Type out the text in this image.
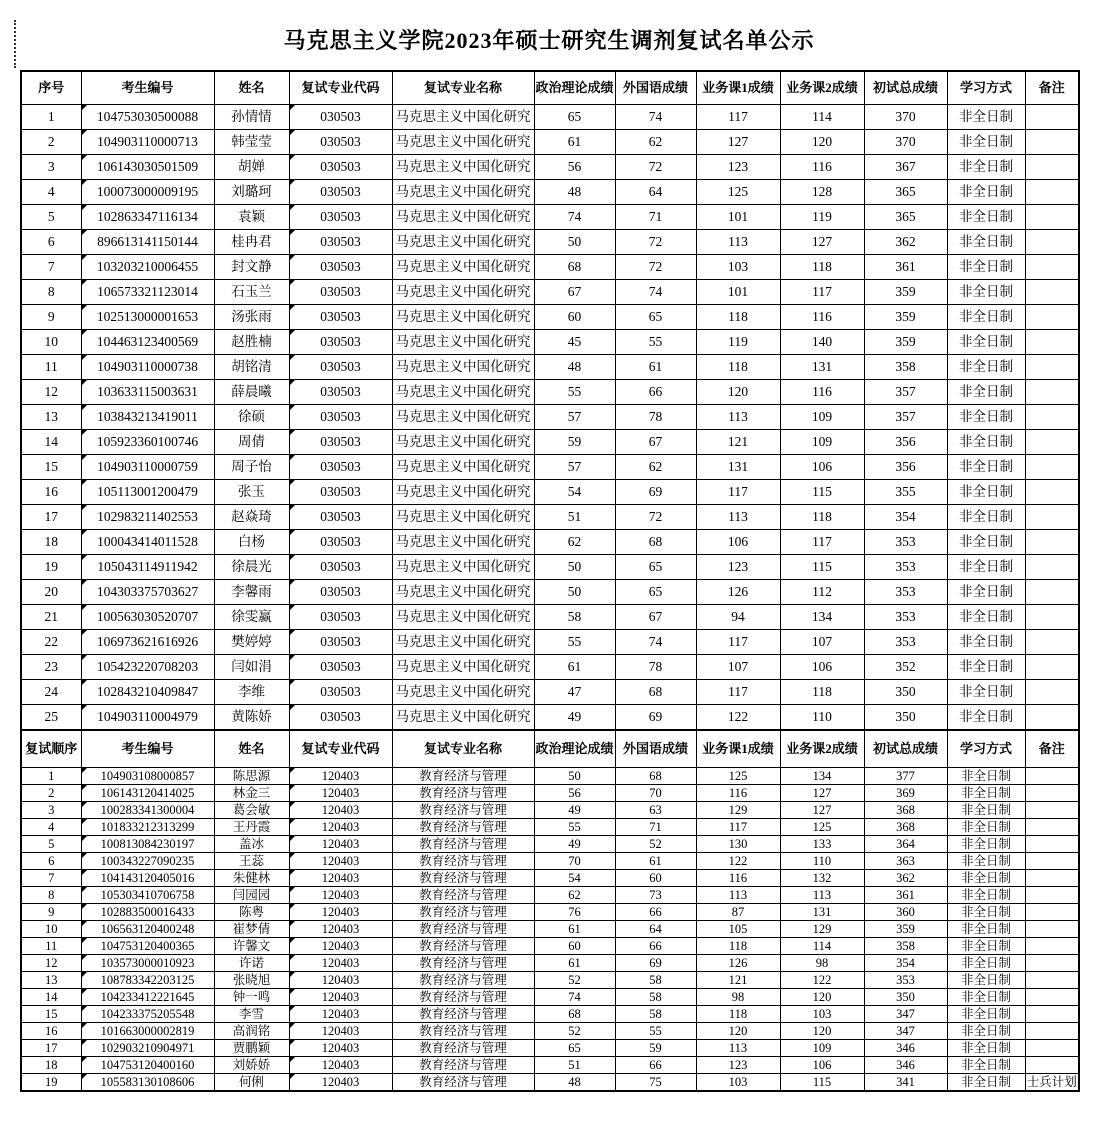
马克思主义学院2023年硕士研究生调剂复试名单公示
序号	考生编号	姓名	复试专业代码	复试专业名称	政治理论成绩	外国语成绩	业务课1成绩	业务课2成绩	初试总成绩	学习方式	备注
1	104753030500088	孙情情	030503	马克思主义中国化研究	65	74	117	114	370	非全日制	
2	104903110000713	韩莹莹	030503	马克思主义中国化研究	61	62	127	120	370	非全日制	
3	106143030501509	胡婵	030503	马克思主义中国化研究	56	72	123	116	367	非全日制	
4	100073000009195	刘璐珂	030503	马克思主义中国化研究	48	64	125	128	365	非全日制	
5	102863347116134	袁颖	030503	马克思主义中国化研究	74	71	101	119	365	非全日制	
6	896613141150144	桂冉君	030503	马克思主义中国化研究	50	72	113	127	362	非全日制	
7	103203210006455	封文静	030503	马克思主义中国化研究	68	72	103	118	361	非全日制	
8	106573321123014	石玉兰	030503	马克思主义中国化研究	67	74	101	117	359	非全日制	
9	102513000001653	汤张雨	030503	马克思主义中国化研究	60	65	118	116	359	非全日制	
10	104463123400569	赵胜楠	030503	马克思主义中国化研究	45	55	119	140	359	非全日制	
11	104903110000738	胡铭清	030503	马克思主义中国化研究	48	61	118	131	358	非全日制	
12	103633115003631	薛晨曦	030503	马克思主义中国化研究	55	66	120	116	357	非全日制	
13	103843213419011	徐硕	030503	马克思主义中国化研究	57	78	113	109	357	非全日制	
14	105923360100746	周倩	030503	马克思主义中国化研究	59	67	121	109	356	非全日制	
15	104903110000759	周子怡	030503	马克思主义中国化研究	57	62	131	106	356	非全日制	
16	105113001200479	张玉	030503	马克思主义中国化研究	54	69	117	115	355	非全日制	
17	102983211402553	赵焱琦	030503	马克思主义中国化研究	51	72	113	118	354	非全日制	
18	100043414011528	白杨	030503	马克思主义中国化研究	62	68	106	117	353	非全日制	
19	105043114911942	徐晨光	030503	马克思主义中国化研究	50	65	123	115	353	非全日制	
20	104303375703627	李馨雨	030503	马克思主义中国化研究	50	65	126	112	353	非全日制	
21	100563030520707	徐雯赢	030503	马克思主义中国化研究	58	67	94	134	353	非全日制	
22	106973621616926	樊婷婷	030503	马克思主义中国化研究	55	74	117	107	353	非全日制	
23	105423220708203	闫如涓	030503	马克思主义中国化研究	61	78	107	106	352	非全日制	
24	102843210409847	李维	030503	马克思主义中国化研究	47	68	117	118	350	非全日制	
25	104903110004979	黄陈娇	030503	马克思主义中国化研究	49	69	122	110	350	非全日制	
复试顺序	考生编号	姓名	复试专业代码	复试专业名称	政治理论成绩	外国语成绩	业务课1成绩	业务课2成绩	初试总成绩	学习方式	备注
1	104903108000857	陈思源	120403	教育经济与管理	50	68	125	134	377	非全日制	
2	106143120414025	林金三	120403	教育经济与管理	56	70	116	127	369	非全日制	
3	100283341300004	葛会敏	120403	教育经济与管理	49	63	129	127	368	非全日制	
4	101833212313299	王丹霞	120403	教育经济与管理	55	71	117	125	368	非全日制	
5	100813084230197	盖冰	120403	教育经济与管理	49	52	130	133	364	非全日制	
6	100343227090235	王蕊	120403	教育经济与管理	70	61	122	110	363	非全日制	
7	104143120405016	朱健林	120403	教育经济与管理	54	60	116	132	362	非全日制	
8	105303410706758	闫园园	120403	教育经济与管理	62	73	113	113	361	非全日制	
9	102883500016433	陈粤	120403	教育经济与管理	76	66	87	131	360	非全日制	
10	106563120400248	崔梦倩	120403	教育经济与管理	61	64	105	129	359	非全日制	
11	104753120400365	许馨文	120403	教育经济与管理	60	66	118	114	358	非全日制	
12	103573000010923	许诺	120403	教育经济与管理	61	69	126	98	354	非全日制	
13	108783342203125	张晓旭	120403	教育经济与管理	52	58	121	122	353	非全日制	
14	104233412221645	钟一鸣	120403	教育经济与管理	74	58	98	120	350	非全日制	
15	104233375205548	李雪	120403	教育经济与管理	68	58	118	103	347	非全日制	
16	101663000002819	高润铭	120403	教育经济与管理	52	55	120	120	347	非全日制	
17	102903210904971	贾鹏颖	120403	教育经济与管理	65	59	113	109	346	非全日制	
18	104753120400160	刘娇娇	120403	教育经济与管理	51	66	123	106	346	非全日制	
19	105583130108606	何俐	120403	教育经济与管理	48	75	103	115	341	非全日制	士兵计划
